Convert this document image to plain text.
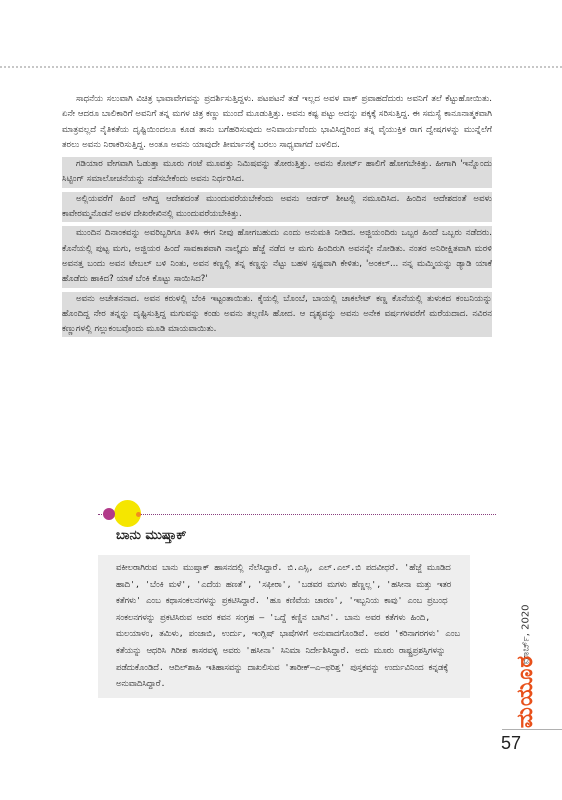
ಸಾಧನೆಯ ಸಲುವಾಗಿ ವಿಚಿತ್ರ ಭಾವಾವೇಗವನ್ನು ಪ್ರದರ್ಶಿಸುತ್ತಿದ್ದಳು. ಪಟಪಟನೆ ತಡೆ ಇಲ್ಲದ ಅವಳ ವಾಕ್ ಪ್ರವಾಹದೆದುರು ಅವನಿಗೆ ತಲೆ ಕೆಟ್ಟುಹೋಯಿತು. ಏನೇ ಆದರೂ ಬಾಲಿಕಾರಿಗೆ ಅವನಿಗೆ ತನ್ನ ಮಗಳ ಚಿತ್ರ ಕಣ್ಣು ಮುಂದೆ ಮೂಡುತ್ತಿತ್ತು. ಅವನು ಕಷ್ಟ ಪಟ್ಟು ಅದನ್ನು ಪಕ್ಕಕ್ಕೆ ಸರಿಸುತ್ತಿದ್ದ. ಈ ಸಮಸ್ಯೆ ಕಾನೂನಾತ್ಮಕವಾಗಿ ಮಾತ್ರವಲ್ಲದೆ ನೈತಿಕತೆಯ ದೃಷ್ಟಿಯಿಂದಲೂ ಕೂಡ ತಾನು ಬಗೆಹರಿಸುವುದು ಅನಿವಾರ್ಯವೆಂದು ಭಾವಿಸಿದ್ದರಿಂದ ತನ್ನ ವೈಯುಕ್ತಿಕ ರಾಗ ದ್ವೇಷಗಳನ್ನು ಮುನ್ನೆಲೆಗೆ ತರಲು ಅವನು ನಿರಾಕರಿಸುತ್ತಿದ್ದ. ಅಂತೂ ಅವನು ಯಾವುದೇ ತೀರ್ಮಾನಕ್ಕೆ ಬರಲು ಸಾಧ್ಯವಾಗದೆ ಬಳಲಿದ.

ಗಡಿಯಾರ ವೇಗವಾಗಿ ಓಡುತ್ತಾ ಮೂರು ಗಂಟೆ ಮೂವತ್ತು ನಿಮಿಷವನ್ನು ತೋರುತ್ತಿತ್ತು. ಅವನು ಕೋರ್ಟ್ ಹಾಲಿಗೆ ಹೋಗಬೇಕಿತ್ತು. ಹೀಗಾಗಿ 'ಇನ್ನೊಂದು ಸಿಟ್ಟಿಂಗ್ ಸಮಾಲೋಚನೆಯನ್ನು ನಡೆಸಬೇಕೆಂದು ಅವನು ನಿರ್ಧರಿಸಿದ.

ಅಲ್ಲಿಯವರೆಗೆ ಹಿಂದೆ ಆಗಿದ್ದ ಆದೇಶದಂತೆ ಮುಂದುವರೆಯಬೇಕೆಂದು ಅವನು ಆರ್ಡರ್ ಶೀಟಲ್ಲಿ ನಮೂದಿಸಿದ. ಹಿಂದಿನ ಆದೇಶದಂತೆ ಅವಳು ಕಾವೇರಮ್ಮನೊಡನೆ ಅವಳ ದೇಖರೇಖಿನಲ್ಲಿ ಮುಂದುವರೆಯಬೇಕಿತ್ತು.

ಮುಂದಿನ ದಿನಾಂಕವನ್ನು ಅವರಿಬ್ಬರಿಗೂ ತಿಳಿಸಿ ಈಗ ನೀವು ಹೋಗಬಹುದು ಎಂದು ಅನುಮತಿ ನೀಡಿದ. ಅಜ್ಜಿಯಂದಿರು ಒಬ್ಬರ ಹಿಂದೆ ಒಬ್ಬರು ನಡೆದರು. ಕೊನೆಯಲ್ಲಿ ಪುಟ್ಟ ಮಗು, ಅಜ್ಜಿಯರ ಹಿಂದೆ ಸಾವಕಾಶವಾಗಿ ನಾಲ್ಕೈದು ಹೆಜ್ಜೆ ನಡೆದ ಆ ಮಗು ಹಿಂದಿರುಗಿ ಅವನನ್ನೇ ನೋಡಿತು. ನಂತರ ಅನಿರೀಕ್ಷಿತವಾಗಿ ಮರಳಿ ಅವನತ್ತ ಬಂದು ಅವನ ಟೇಬಲ್ ಬಳಿ ನಿಂತು, ಅವನ ಕಣ್ಣಲ್ಲಿ ತನ್ನ ಕಣ್ಣನ್ನು ನೆಟ್ಟು ಬಹಳ ಸ್ಪಷ್ಟವಾಗಿ ಕೇಳಿತು, 'ಅಂಕಲ್... ನನ್ನ ಮಮ್ಮಿಯನ್ನು ಡ್ಯಾಡಿ ಯಾಕೆ ಹೊಡೆದು ಹಾಕಿದ? ಯಾಕೆ ಬೆಂಕಿ ಕೊಟ್ಟು ಸಾಯಿಸಿದ?'

ಅವನು ಅಚೇತನನಾದ. ಅವನ ಕರುಳಲ್ಲಿ ಬೆಂಕಿ ಇಟ್ಟಂತಾಯಿತು. ಕೈಯಲ್ಲಿ ಬೊಂಬೆ, ಬಾಯಲ್ಲಿ ಚಾಕಲೇಟ್ ಕಣ್ಣ ಕೊನೆಯಲ್ಲಿ ತುಳುಕದ ಕಂಬನಿಯನ್ನು ಹೊಂದಿದ್ದ ನೇರ ತನ್ನನ್ನು ದೃಷ್ಟಿಸುತ್ತಿದ್ದ ಮಗುವನ್ನು ಕಂಡು ಅವನು ತಲ್ಲಣಿಸಿ ಹೋದ. ಆ ದೃಶ್ಯವನ್ನು ಅವನು ಅನೇಕ ವರ್ಷಗಳವರೆಗೆ ಮರೆಯದಾದ. ನವಿರನ ಕಣ್ಣುಗಳಲ್ಲಿ ಗಲ್ಲುಕಂಬವೊಂದು ಮೂಡಿ ಮಾಯವಾಯಿತು.

ಬಾನು ಮುಷ್ತಾಕ್

ವಕೀಲರಾಗಿರುವ ಬಾನು ಮುಷ್ತಾಕ್ ಹಾಸನದಲ್ಲಿ ನೆಲೆಸಿದ್ದಾರೆ. ಬಿ.ಎಸ್ಸಿ, ಎಲ್.ಎಲ್.ಬಿ ಪದವೀಧರೆ. 'ಹೆಜ್ಜೆ ಮೂಡಿದ ಹಾದಿ', 'ಬೆಂಕಿ ಮಳೆ', 'ಎದೆಯ ಹಣತೆ', 'ಸಫೀರಾ', 'ಬಡವರ ಮಗಳು ಹೆಣ್ಣಲ್ಲ', 'ಹಸೀನಾ ಮತ್ತು ಇತರ ಕತೆಗಳು' ಎಂಬ ಕಥಾಸಂಕಲನಗಳನ್ನು ಪ್ರಕಟಿಸಿದ್ದಾರೆ. 'ಹೂ ಕಣಿವೆಯ ಚಾರಣ', 'ಇಬ್ಬನಿಯ ಕಾವು' ಎಂಬ ಪ್ರಬಂಧ ಸಂಕಲನಗಳನ್ನು ಪ್ರಕಟಿಸಿರುವ ಅವರ ಕವನ ಸಂಗ್ರಹ – 'ಒದ್ದೆ ಕಣ್ಣಿನ ಬಾಗಿನ'. ಬಾನು ಅವರ ಕತೆಗಳು ಹಿಂದಿ, ಮಲಯಾಳಂ, ತಮಿಳು, ಪಂಜಾಬಿ, ಉರ್ದು, ಇಂಗ್ಲಿಷ್ ಭಾಷೆಗಳಿಗೆ ಅನುವಾದಗೊಂಡಿವೆ. ಅವರ 'ಕರಿನಾಗರಗಳು' ಎಂಬ ಕತೆಯನ್ನು ಆಧರಿಸಿ ಗಿರೀಶ ಕಾಸರವಳ್ಳಿ ಅವರು 'ಹಸೀನಾ' ಸಿನಿಮಾ ನಿರ್ದೇಶಿಸಿದ್ದಾರೆ. ಅದು ಮೂರು ರಾಷ್ಟ್ರಪ್ರಶಸ್ತಿಗಳನ್ನು ಪಡೆದುಕೊಂಡಿದೆ. ಆದಿಲ್‌ಶಾಹಿ ಇತಿಹಾಸವನ್ನು ದಾಖಲಿಸುವ 'ತಾರೀಕ್–ಎ–ಫರಿಶ್ತ' ಪುಸ್ತಕವನ್ನು ಉರ್ದುವಿನಿಂದ ಕನ್ನಡಕ್ಕೆ ಅನುವಾದಿಸಿದ್ದಾರೆ.

ಮಾರ್ಚ್, 2020
ಮಯೂರ
57
